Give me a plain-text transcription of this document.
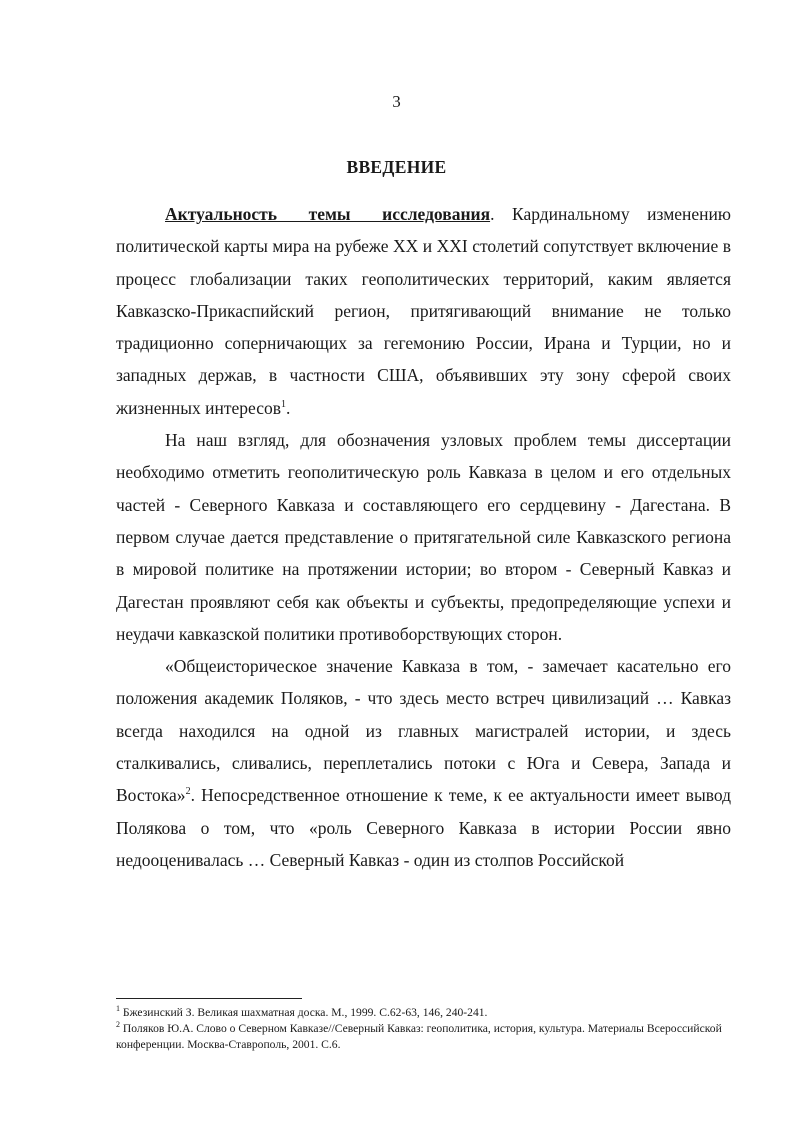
3
ВВЕДЕНИЕ

Актуальность темы исследования. Кардинальному изменению политической карты мира на рубеже XX и XXI столетий сопутствует включение в процесс глобализации таких геополитических территорий, каким является Кавказско-Прикаспийский регион, притягивающий внимание не только традиционно соперничающих за гегемонию России, Ирана и Турции, но и западных держав, в частности США, объявивших эту зону сферой своих жизненных интересов$^1$.

На наш взгляд, для обозначения узловых проблем темы диссертации необходимо отметить геополитическую роль Кавказа в целом и его отдельных частей - Северного Кавказа и составляющего его сердцевину - Дагестана. В первом случае дается представление о притягательной силе Кавказского региона в мировой политике на протяжении истории; во втором - Северный Кавказ и Дагестан проявляют себя как объекты и субъекты, предопределяющие успехи и неудачи кавказской политики противоборствующих сторон.

«Общеисторическое значение Кавказа в том, - замечает касательно его положения академик Поляков, - что здесь место встреч цивилизаций … Кавказ всегда находился на одной из главных магистралей истории, и здесь сталкивались, сливались, переплетались потоки с Юга и Севера, Запада и Востока»$^2$. Непосредственное отношение к теме, к ее актуальности имеет вывод Полякова о том, что «роль Северного Кавказа в истории России явно недооценивалась … Северный Кавказ - один из столпов Российской

$^1$ Бжезинский З. Великая шахматная доска. М., 1999. С.62-63, 146, 240-241.

$^2$ Поляков Ю.А. Слово о Северном Кавказе//Северный Кавказ: геополитика, история, культура. Материалы Всероссийской конференции. Москва-Ставрополь, 2001. С.6.
